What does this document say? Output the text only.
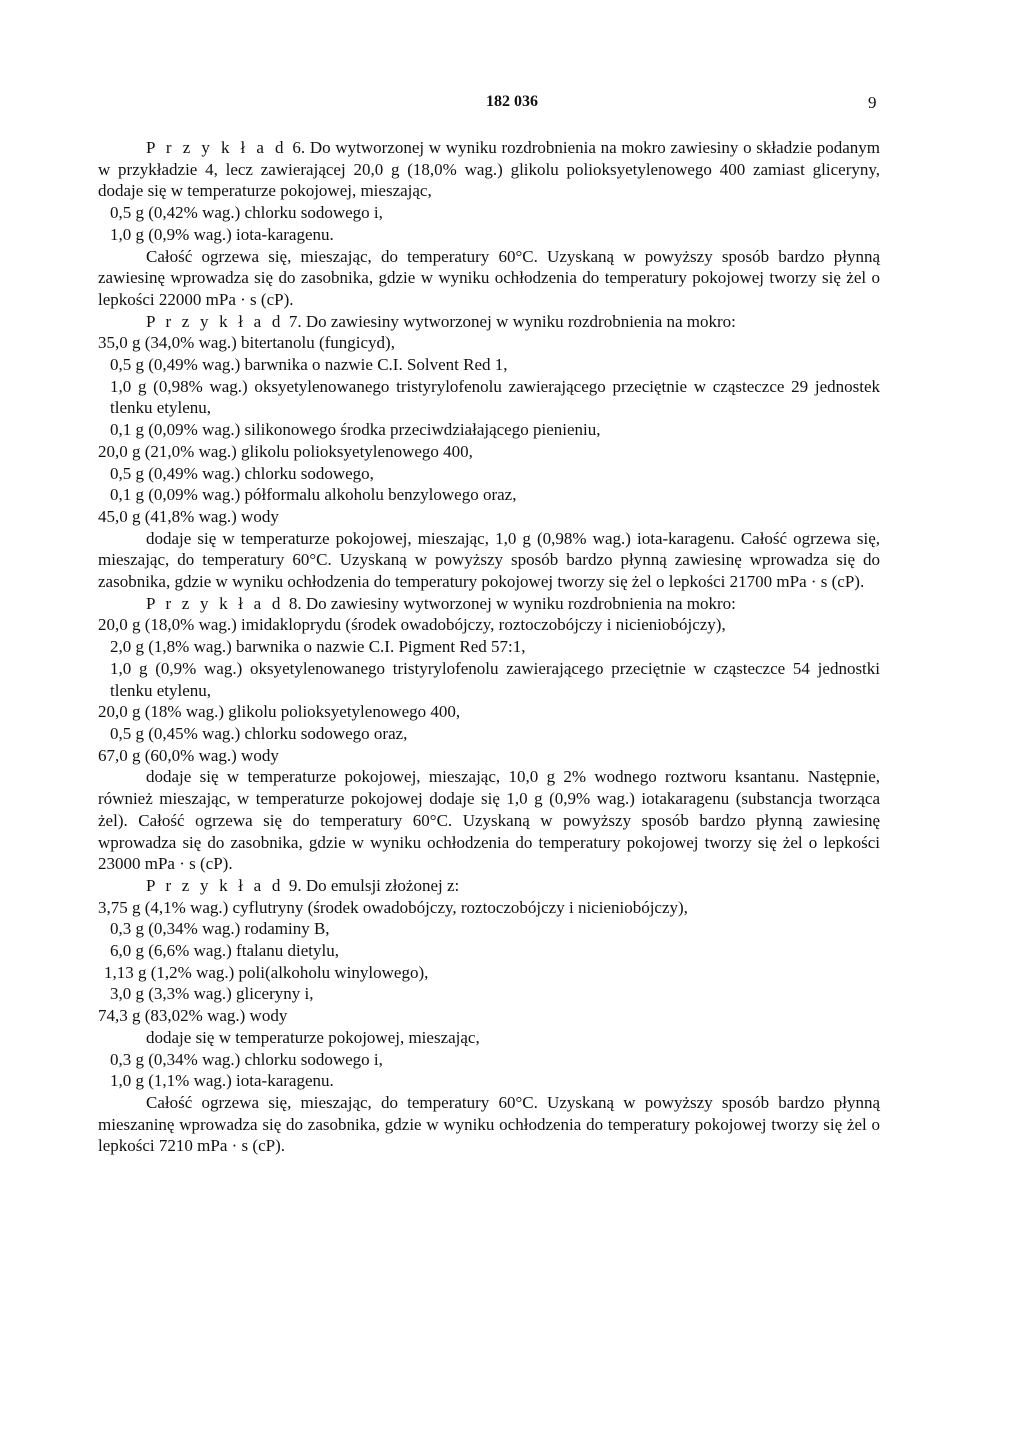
182 036	9

P r z y k ł a d 6. Do wytworzonej w wyniku rozdrobnienia na mokro zawiesiny o składzie podanym w przykładzie 4, lecz zawierającej 20,0 g (18,0% wag.) glikolu polioksyetylenowego 400 zamiast gliceryny, dodaje się w temperaturze pokojowej, mieszając,

0,5 g (0,42% wag.) chlorku sodowego i,

1,0 g (0,9% wag.) iota-karagenu.

Całość ogrzewa się, mieszając, do temperatury 60°C. Uzyskaną w powyższy sposób bardzo płynną zawiesinę wprowadza się do zasobnika, gdzie w wyniku ochłodzenia do temperatury pokojowej tworzy się żel o lepkości 22000 mPa · s (cP).

P r z y k ł a d 7. Do zawiesiny wytworzonej w wyniku rozdrobnienia na mokro:

35,0 g (34,0% wag.) bitertanolu (fungicyd),

0,5 g (0,49% wag.) barwnika o nazwie C.I. Solvent Red 1,

1,0 g (0,98% wag.) oksyetylenowanego tristyrylofenolu zawierającego przeciętnie w cząsteczce 29 jednostek tlenku etylenu,

0,1 g (0,09% wag.) silikonowego środka przeciwdziałającego pienieniu,

20,0 g (21,0% wag.) glikolu polioksyetylenowego 400,

0,5 g (0,49% wag.) chlorku sodowego,

0,1 g (0,09% wag.) półformalu alkoholu benzylowego oraz,

45,0 g (41,8% wag.) wody

dodaje się w temperaturze pokojowej, mieszając, 1,0 g (0,98% wag.) iota-karagenu. Całość ogrzewa się, mieszając, do temperatury 60°C. Uzyskaną w powyższy sposób bardzo płynną zawiesinę wprowadza się do zasobnika, gdzie w wyniku ochłodzenia do temperatury pokojowej tworzy się żel o lepkości 21700 mPa · s (cP).

P r z y k ł a d 8. Do zawiesiny wytworzonej w wyniku rozdrobnienia na mokro:

20,0 g (18,0% wag.) imidakloprydu (środek owadobójczy, roztoczobójczy i nicieniobójczy),

2,0 g (1,8% wag.) barwnika o nazwie C.I. Pigment Red 57:1,

1,0 g (0,9% wag.) oksyetylenowanego tristyrylofenolu zawierającego przeciętnie w cząsteczce 54 jednostki tlenku etylenu,

20,0 g (18% wag.) glikolu polioksyetylenowego 400,

0,5 g (0,45% wag.) chlorku sodowego oraz,

67,0 g (60,0% wag.) wody

dodaje się w temperaturze pokojowej, mieszając, 10,0 g 2% wodnego roztworu ksantanu. Następnie, również mieszając, w temperaturze pokojowej dodaje się 1,0 g (0,9% wag.) iotakaragenu (substancja tworząca żel). Całość ogrzewa się do temperatury 60°C. Uzyskaną w powyższy sposób bardzo płynną zawiesinę wprowadza się do zasobnika, gdzie w wyniku ochłodzenia do temperatury pokojowej tworzy się żel o lepkości 23000 mPa · s (cP).

P r z y k ł a d 9. Do emulsji złożonej z:

3,75 g (4,1% wag.) cyflutryny (środek owadobójczy, roztoczobójczy i nicieniobójczy),

0,3 g (0,34% wag.) rodaminy B,

6,0 g (6,6% wag.) ftalanu dietylu,

1,13 g (1,2% wag.) poli(alkoholu winylowego),

3,0 g (3,3% wag.) gliceryny i,

74,3 g (83,02% wag.) wody

dodaje się w temperaturze pokojowej, mieszając,

0,3 g (0,34% wag.) chlorku sodowego i,

1,0 g (1,1% wag.) iota-karagenu.

Całość ogrzewa się, mieszając, do temperatury 60°C. Uzyskaną w powyższy sposób bardzo płynną mieszaninę wprowadza się do zasobnika, gdzie w wyniku ochłodzenia do temperatury pokojowej tworzy się żel o lepkości 7210 mPa · s (cP).
